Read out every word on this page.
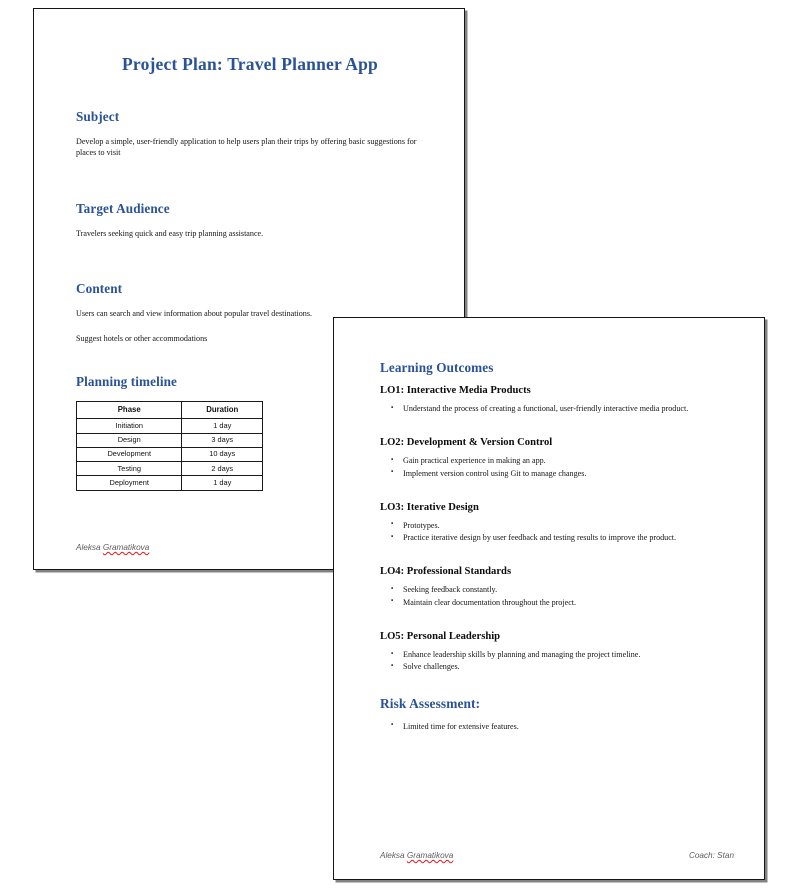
Project Plan: Travel Planner App
Subject

Develop a simple, user-friendly application to help users plan their trips by offering basic suggestions for places to visit

Target Audience

Travelers seeking quick and easy trip planning assistance.

Content

Users can search and view information about popular travel destinations.

Suggest hotels or other accommodations

Planning timeline
Phase	Duration
Initiation	1 day
Design	3 days
Development	10 days
Testing	2 days
Deployment	1 day
Aleksa Gramatikova
Learning Outcomes
LO1: Interactive Media Products
▪ Understand the process of creating a functional, user-friendly interactive media product.
LO2: Development & Version Control
▪ Gain practical experience in making an app.
▪ Implement version control using Git to manage changes.
LO3: Iterative Design
▪ Prototypes.
▪ Practice iterative design by user feedback and testing results to improve the product.
LO4: Professional Standards
▪ Seeking feedback constantly.
▪ Maintain clear documentation throughout the project.
LO5: Personal Leadership
▪ Enhance leadership skills by planning and managing the project timeline.
▪ Solve challenges.
Risk Assessment:
▪ Limited time for extensive features.
Aleksa Gramatikova	Coach: Stan
